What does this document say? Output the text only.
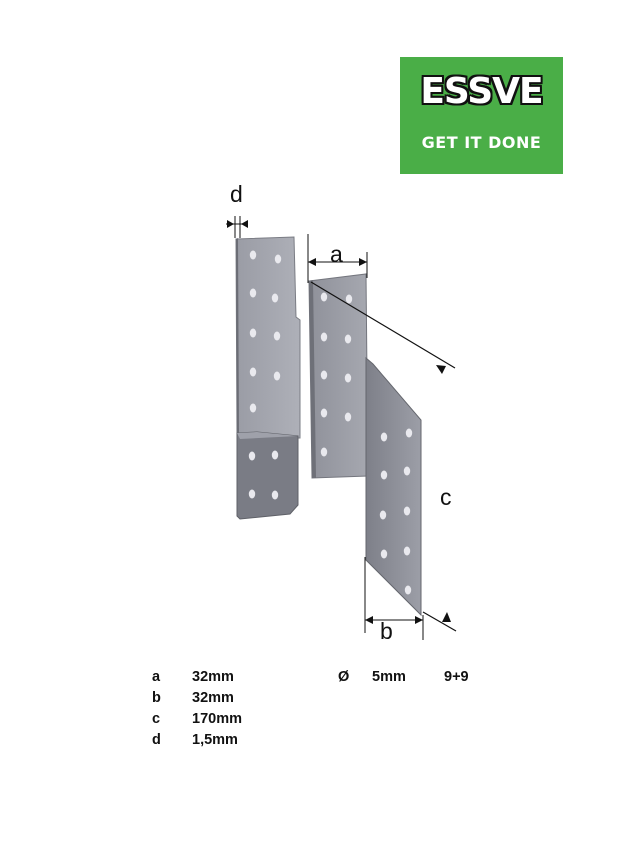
ESSVE
GET IT DONE
d
a
c
b
a 32mm
b 32mm
c 170mm
d 1,5mm
Ø 5mm	9+9
